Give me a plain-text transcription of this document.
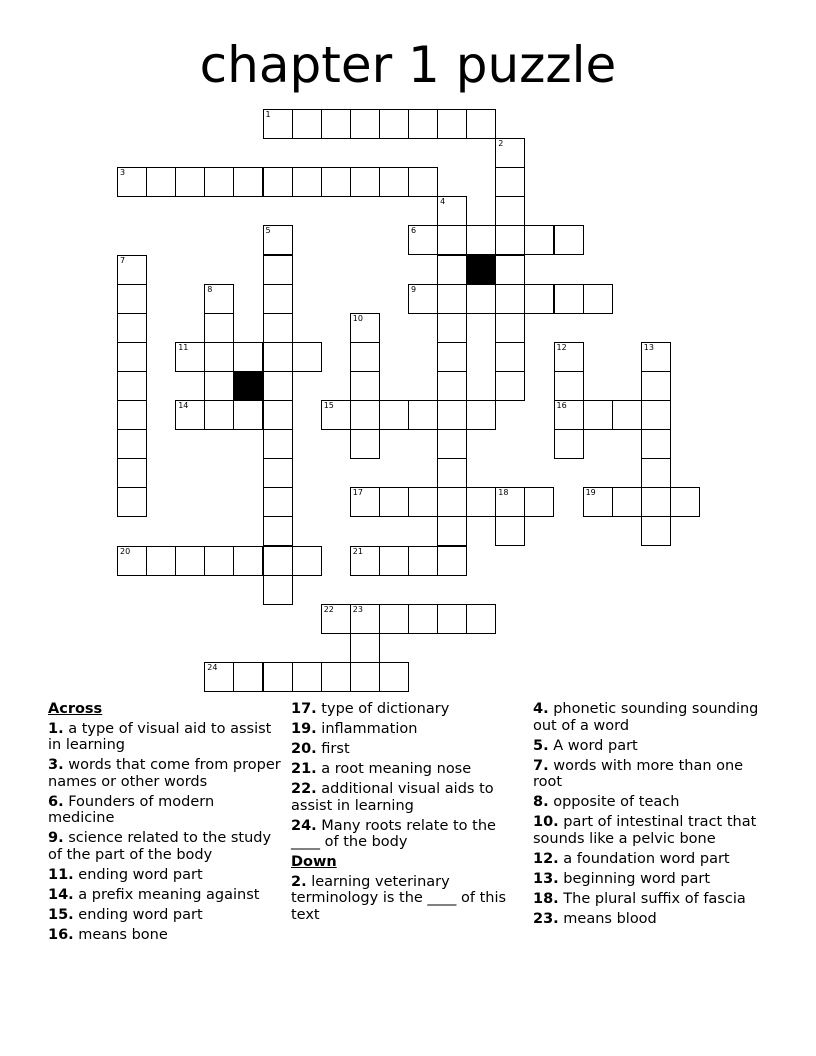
chapter 1 puzzle
1
2
3
4
5	6
7
8	9
10
11	12	13
14	15	16
17	18	19
20	21
22 23
24
Across
1. a type of visual aid to assist in learning
3. words that come from proper names or other words
6. Founders of modern medicine
9. science related to the study of the part of the body
11. ending word part
14. a prefix meaning against
15. ending word part
16. means bone
17. type of dictionary
19. inflammation
20. first
21. a root meaning nose
22. additional visual aids to assist in learning
24. Many roots relate to the ____ of the body
Down
2. learning veterinary terminology is the ____ of this text
4. phonetic sounding sounding out of a word
5. A word part
7. words with more than one root
8. opposite of teach
10. part of intestinal tract that sounds like a pelvic bone
12. a foundation word part
13. beginning word part
18. The plural suffix of fascia
23. means blood
